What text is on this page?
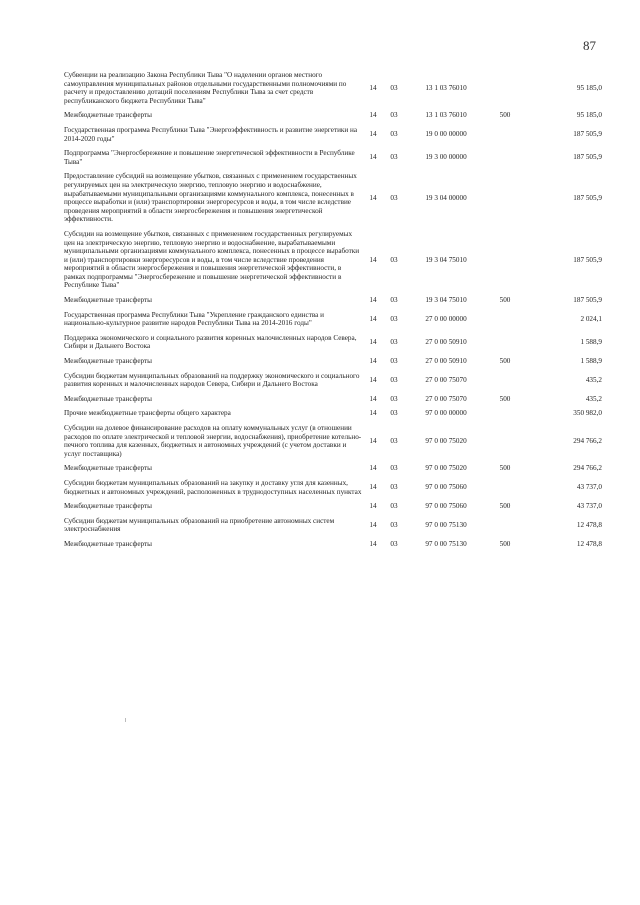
87
Субвенции на реализацию Закона Республики Тыва "О наделении органов местного самоуправления муниципальных районов отдельными государственными полномочиями по расчету и предоставлению дотаций поселениям Республики Тыва за счет средств республиканского бюджета Республики Тыва"	14	03	13 1 03 76010		95 185,0
Межбюджетные трансферты	14	03	13 1 03 76010	500	95 185,0
Государственная программа Республики Тыва "Энергоэффективность и развитие энергетики на 2014-2020 годы"	14	03	19 0 00 00000		187 505,9
Подпрограмма "Энергосбережение и повышение энергетической эффективности в Республике Тыва"	14	03	19 3 00 00000		187 505,9
Предоставление субсидий на возмещение убытков, связанных с применением государственных регулируемых цен на электрическую энергию, тепловую энергию и водоснабжение, вырабатываемыми муниципальными организациями коммунального комплекса, понесенных в процессе выработки и (или) транспортировки энергоресурсов и воды, в том числе вследствие проведения мероприятий в области энергосбережения и повышения энергетической эффективности.	14	03	19 3 04 00000		187 505,9
Субсидии на возмещение убытков, связанных с применением государственных регулируемых цен на электрическую энергию, тепловую энергию и водоснабжение, вырабатываемыми муниципальными организациями коммунального комплекса, понесенных в процессе выработки и (или) транспортировки энергоресурсов и воды, в том числе вследствие проведения мероприятий в области энергосбережения и повышения энергетической эффективности, в рамках подпрограммы "Энергосбережение и повышение энергетической эффективности в Республике Тыва"	14	03	19 3 04 75010		187 505,9
Межбюджетные трансферты	14	03	19 3 04 75010	500	187 505,9
Государственная программа Республики Тыва "Укрепление гражданского единства и национально-культурное развитие народов Республики Тыва на 2014-2016 годы"	14	03	27 0 00 00000		2 024,1
Поддержка экономического и социального развития коренных малочисленных народов Севера, Сибири и Дальнего Востока	14	03	27 0 00 50910		1 588,9
Межбюджетные трансферты	14	03	27 0 00 50910	500	1 588,9
Субсидии бюджетам муниципальных образований на поддержку экономического и социального развития коренных и малочисленных народов Севера, Сибири и Дальнего Востока	14	03	27 0 00 75070		435,2
Межбюджетные трансферты	14	03	27 0 00 75070	500	435,2
Прочие межбюджетные трансферты общего характера	14	03	97 0 00 00000		350 982,0
Субсидии на долевое финансирование расходов на оплату коммунальных услуг (в отношении расходов по оплате электрической и тепловой энергии, водоснабжения), приобретение котельно-печного топлива для казенных, бюджетных и автономных учреждений (с учетом доставки и услуг поставщика)	14	03	97 0 00 75020		294 766,2
Межбюджетные трансферты	14	03	97 0 00 75020	500	294 766,2
Субсидии бюджетам муниципальных образований на закупку и доставку угля для казенных, бюджетных и автономных учреждений, расположенных в труднодоступных населенных пунктах	14	03	97 0 00 75060		43 737,0
Межбюджетные трансферты	14	03	97 0 00 75060	500	43 737,0
Субсидии бюджетам муниципальных образований на приобретение автономных систем электроснабжения	14	03	97 0 00 75130		12 478,8
Межбюджетные трансферты	14	03	97 0 00 75130	500	12 478,8
